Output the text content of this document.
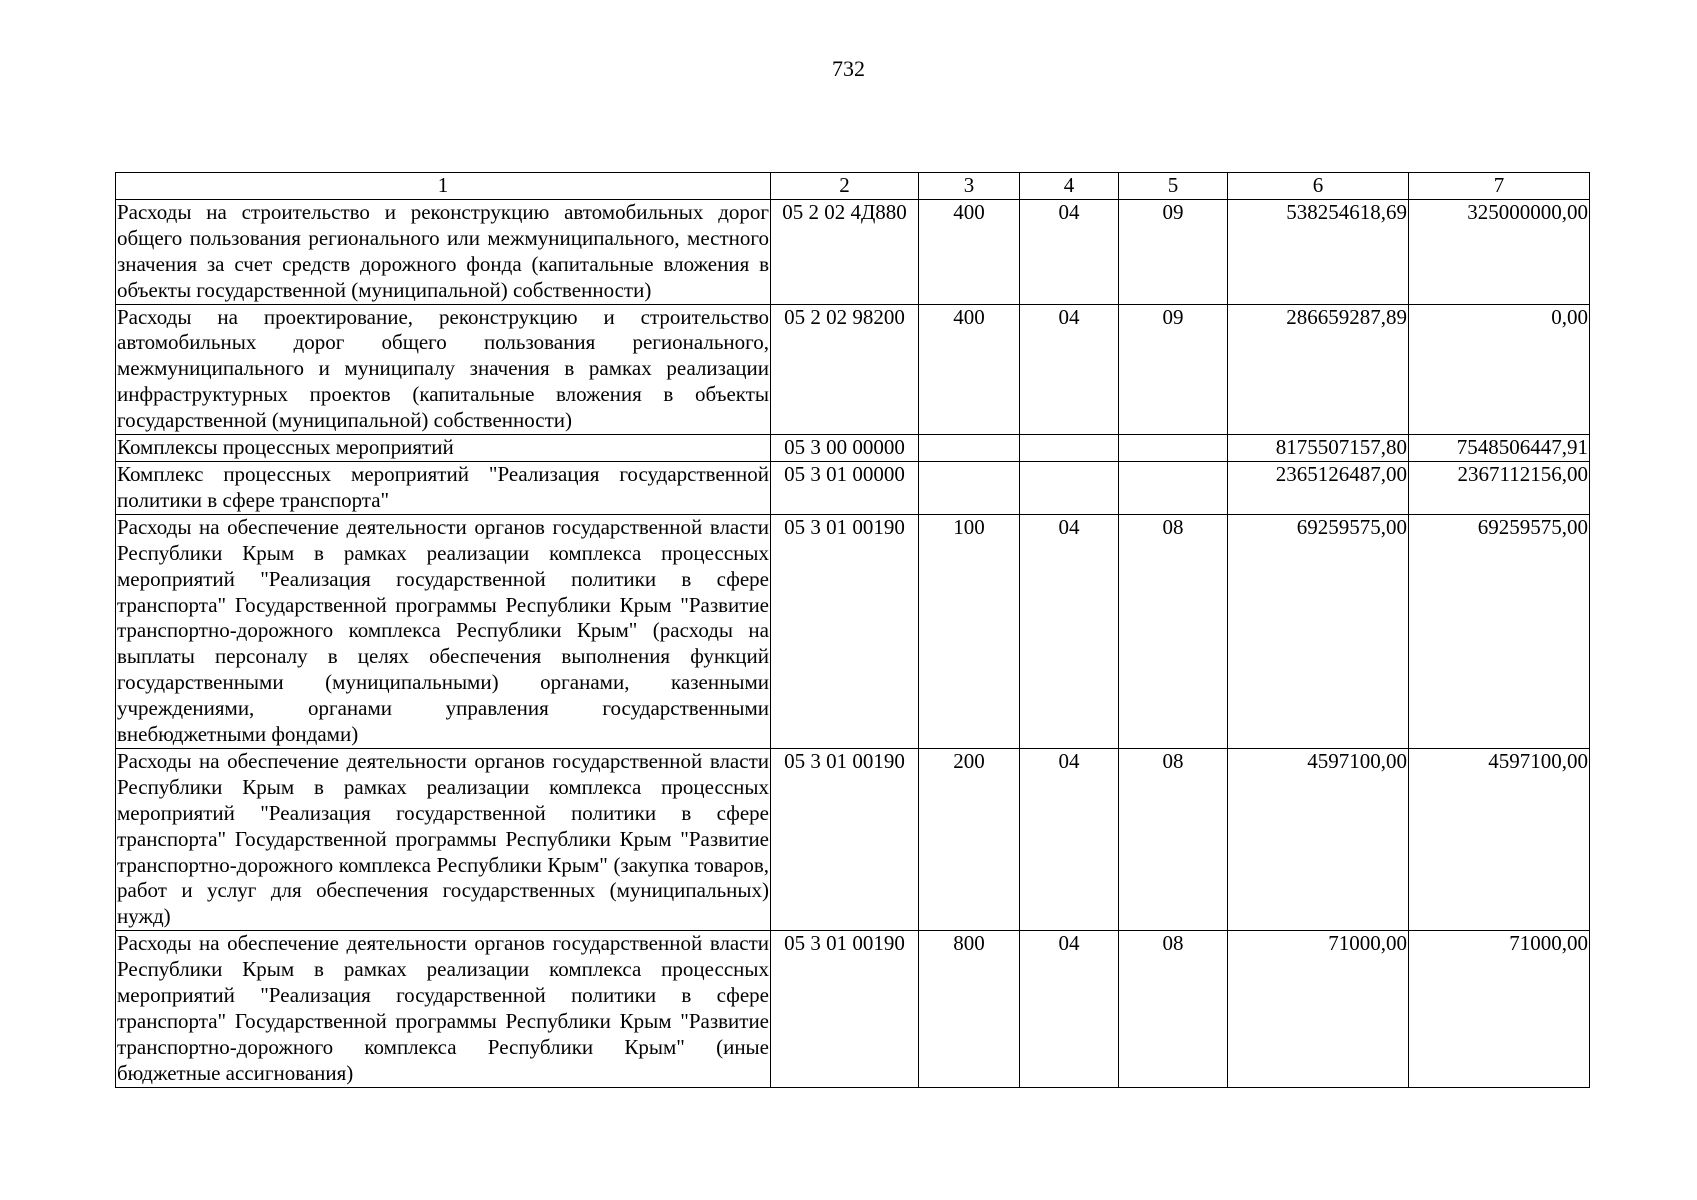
732
1	2	3	4	5	6	7
Расходы на строительство и реконструкцию автомобильных дорог общего пользования регионального или межмуниципального, местного значения за счет средств дорожного фонда (капитальные вложения в объекты государственной (муниципальной) собственности)	05 2 02 4Д880	400	04	09	538254618,69	325000000,00
Расходы на проектирование, реконструкцию и строительство автомобильных дорог общего пользования регионального, межмуниципального и муниципалу значения в рамках реализации инфраструктурных проектов (капитальные вложения в объекты государственной (муниципальной) собственности)	05 2 02 98200	400	04	09	286659287,89	0,00
Комплексы процессных мероприятий	05 3 00 00000				8175507157,80	7548506447,91
Комплекс процессных мероприятий "Реализация государственной политики в сфере транспорта"	05 3 01 00000				2365126487,00	2367112156,00
Расходы на обеспечение деятельности органов государственной власти Республики Крым в рамках реализации комплекса процессных мероприятий "Реализация государственной политики в сфере транспорта" Государственной программы Республики Крым "Развитие транспортно-дорожного комплекса Республики Крым" (расходы на выплаты персоналу в целях обеспечения выполнения функций государственными (муниципальными) органами, казенными учреждениями, органами управления государственными внебюджетными фондами)	05 3 01 00190	100	04	08	69259575,00	69259575,00
Расходы на обеспечение деятельности органов государственной власти Республики Крым в рамках реализации комплекса процессных мероприятий "Реализация государственной политики в сфере транспорта" Государственной программы Республики Крым "Развитие транспортно-дорожного комплекса Республики Крым" (закупка товаров, работ и услуг для обеспечения государственных (муниципальных) нужд)	05 3 01 00190	200	04	08	4597100,00	4597100,00
Расходы на обеспечение деятельности органов государственной власти Республики Крым в рамках реализации комплекса процессных мероприятий "Реализация государственной политики в сфере транспорта" Государственной программы Республики Крым "Развитие транспортно-дорожного комплекса Республики Крым" (иные бюджетные ассигнования)	05 3 01 00190	800	04	08	71000,00	71000,00
